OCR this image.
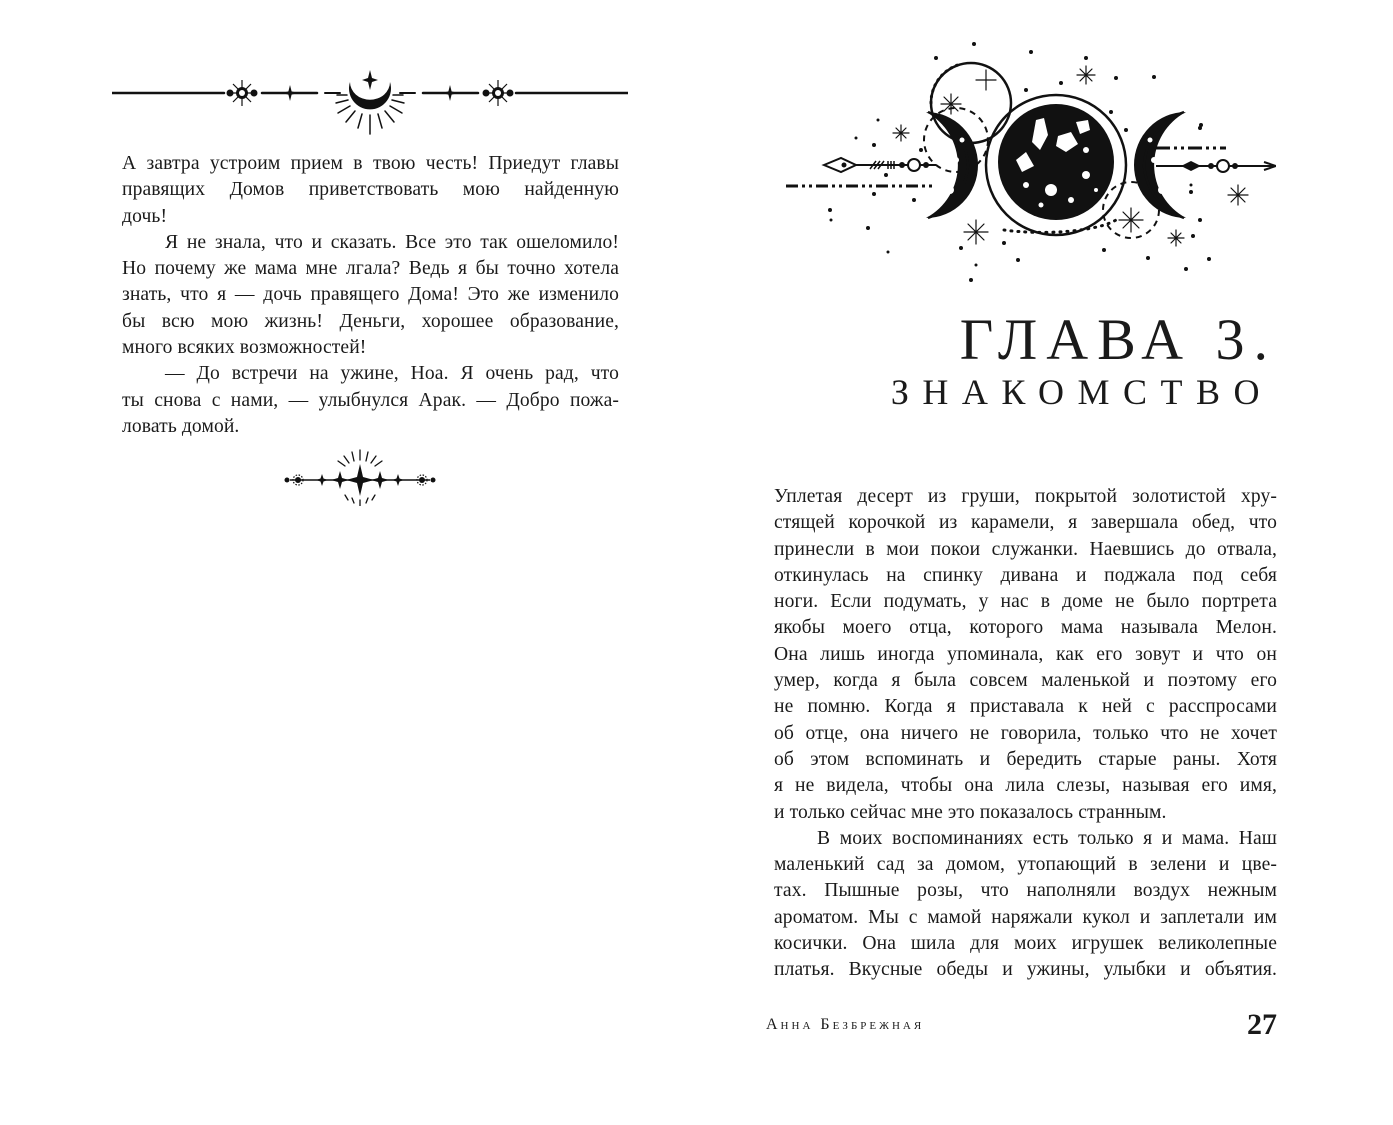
А завтра устроим прием в твою честь! Приедут главы
правящих Домов приветствовать мою найденную
дочь!

Я не знала, что и сказать. Все это так ошеломило!
Но почему же мама мне лгала? Ведь я бы точно хотела
знать, что я — дочь правящего Дома! Это же изменило
бы всю мою жизнь! Деньги, хорошее образование,
много всяких возможностей!

— До встречи на ужине, Ноа. Я очень рад, что
ты снова с нами, — улыбнулся Арак. — Добро пожа-
ловать домой.

ГЛАВА 3.
ЗНАКОМСТВО

Уплетая десерт из груши, покрытой золотистой хру-
стящей корочкой из карамели, я завершала обед, что
принесли в мои покои служанки. Наевшись до отвала,
откинулась на спинку дивана и поджала под себя
ноги. Если подумать, у нас в доме не было портрета
якобы моего отца, которого мама называла Мелон.
Она лишь иногда упоминала, как его зовут и что он
умер, когда я была совсем маленькой и поэтому его
не помню. Когда я приставала к ней с расспросами
об отце, она ничего не говорила, только что не хочет
об этом вспоминать и бередить старые раны. Хотя
я не видела, чтобы она лила слезы, называя его имя,
и только сейчас мне это показалось странным.

В моих воспоминаниях есть только я и мама. Наш
маленький сад за домом, утопающий в зелени и цве-
тах. Пышные розы, что наполняли воздух нежным
ароматом. Мы с мамой наряжали кукол и заплетали им
косички. Она шила для моих игрушек великолепные
платья. Вкусные обеды и ужины, улыбки и объятия.

Анна Безбрежная	27
